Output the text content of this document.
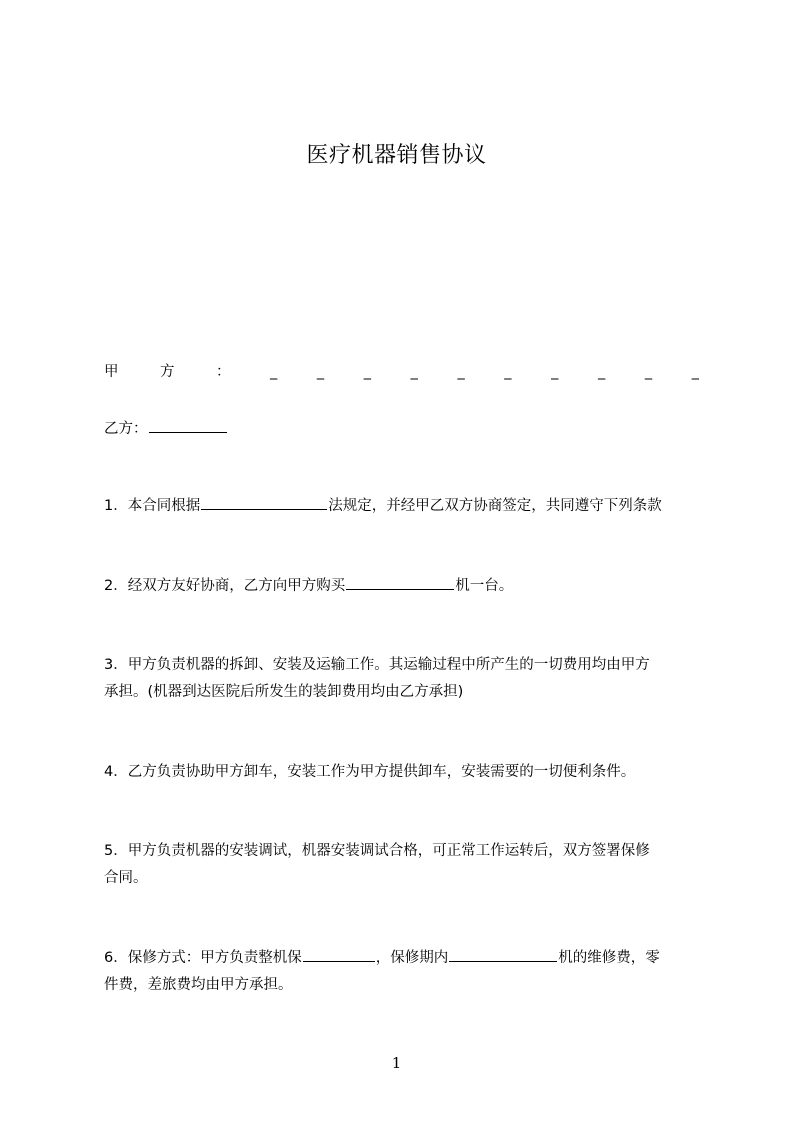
医疗机器销售协议
甲	方	：	_	_	_	_	_	_	_	_	_	_
乙方：
1．本合同根据	法规定，并经甲乙双方协商签定，共同遵守下列条款
2．经双方友好协商，乙方向甲方购买	机一台。
3．甲方负责机器的拆卸、安装及运输工作。其运输过程中所产生的一切费用均由甲方
承担。(机器到达医院后所发生的装卸费用均由乙方承担)
4．乙方负责协助甲方卸车，安装工作为甲方提供卸车，安装需要的一切便利条件。
5．甲方负责机器的安装调试，机器安装调试合格，可正常工作运转后，双方签署保修
合同。
6．保修方式：甲方负责整机保	，保修期内	机的维修费，零
件费，差旅费均由甲方承担。
1
